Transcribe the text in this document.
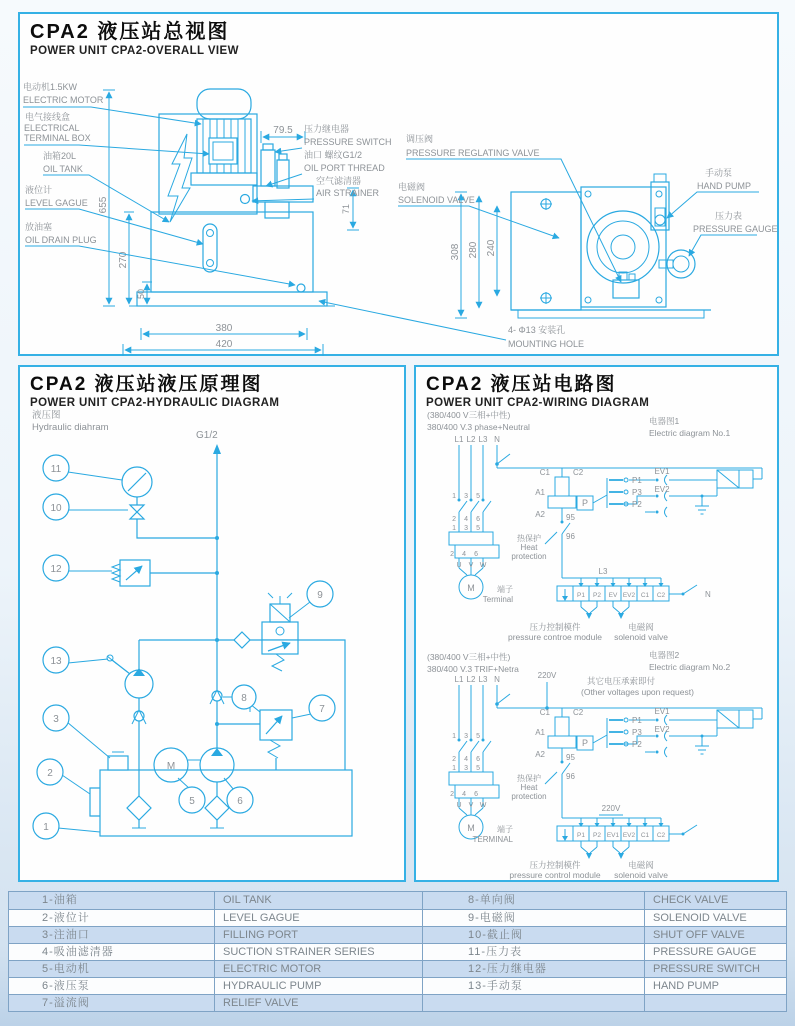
CPA2 液压站总视图
POWER UNIT CPA2-OVERALL VIEW
655
270
50
380
420
79.5
71
电动机1.5KW
ELECTRIC MOTOR
电气接线盒
ELECTRICAL
TERMINAL BOX
油箱20L
OIL TANK
液位计
LEVEL GAGUE
放油塞
OIL DRAIN PLUG
压力继电器
PRESSURE SWITCH
油口 螺纹G1/2
OIL PORT THREAD
空气滤清器
AIR STRAINER
4- Φ13 安装孔
MOUNTING HOLE
308 280 240
调压阀
PRESSURE REGLATING VALVE
电磁阀
SOLENOID VALVE
手动泵
HAND PUMP
压力表
PRESSURE GAUGE
CPA2 液压站液压原理图
POWER UNIT CPA2-HYDRAULIC DIAGRAM
液压图
Hydraulic diahram
G1/2
11
10
12
13
3
2
1
5	6
8
7
9
M
CPA2 液压站电路图
POWER UNIT CPA2-WIRING DIAGRAM
(380/400 V三相+中性)
380/400 V.3 phase+Neutral
电器图1
Electric diagram No.1
L1 L2 L3 N
1 3 5
2 4 6
1 3 5
2 4 6
U V W
M
C1	C2
A1
A2
P
P1
P3
P2
95
96
热保护
Heat
protection
EV1
EV2
L3
端子
Terminal	P1 P2 EV EV2 C1 C2	N
压力控制模件
pressure controe module
电磁阀
solenoid valve
(380/400 V三相+中性)
380/400 V.3 TRIF+Netra
电器图2
Electric diagram No.2
其它电压承索即付
(Other voltages upon request)
220V
220V
L1 L2 L3 N
1 3 5
2 4 6
1 3 5
2 4 6
U V W
M
C1	C2
A1
A2
P
P1
P3
P2
95
96
热保护
Heat
protection
EV1
EV2
端子
TERMINAL	P1 P2 EV1 EV2 C1 C2
压力控制模件
pressure control module
电磁阀
solenoid valve
1-油箱	OIL TANK	8-单向阀	CHECK VALVE
2-液位计	LEVEL GAGUE	9-电磁阀	SOLENOID VALVE
3-注油口	FILLING PORT	10-截止阀	SHUT OFF VALVE
4-吸油滤清器	SUCTION STRAINER SERIES	11-压力表	PRESSURE GAUGE
5-电动机	ELECTRIC MOTOR	12-压力继电器	PRESSURE SWITCH
6-液压泵	HYDRAULIC PUMP	13-手动泵	HAND PUMP
7-溢流阀	RELIEF VALVE
